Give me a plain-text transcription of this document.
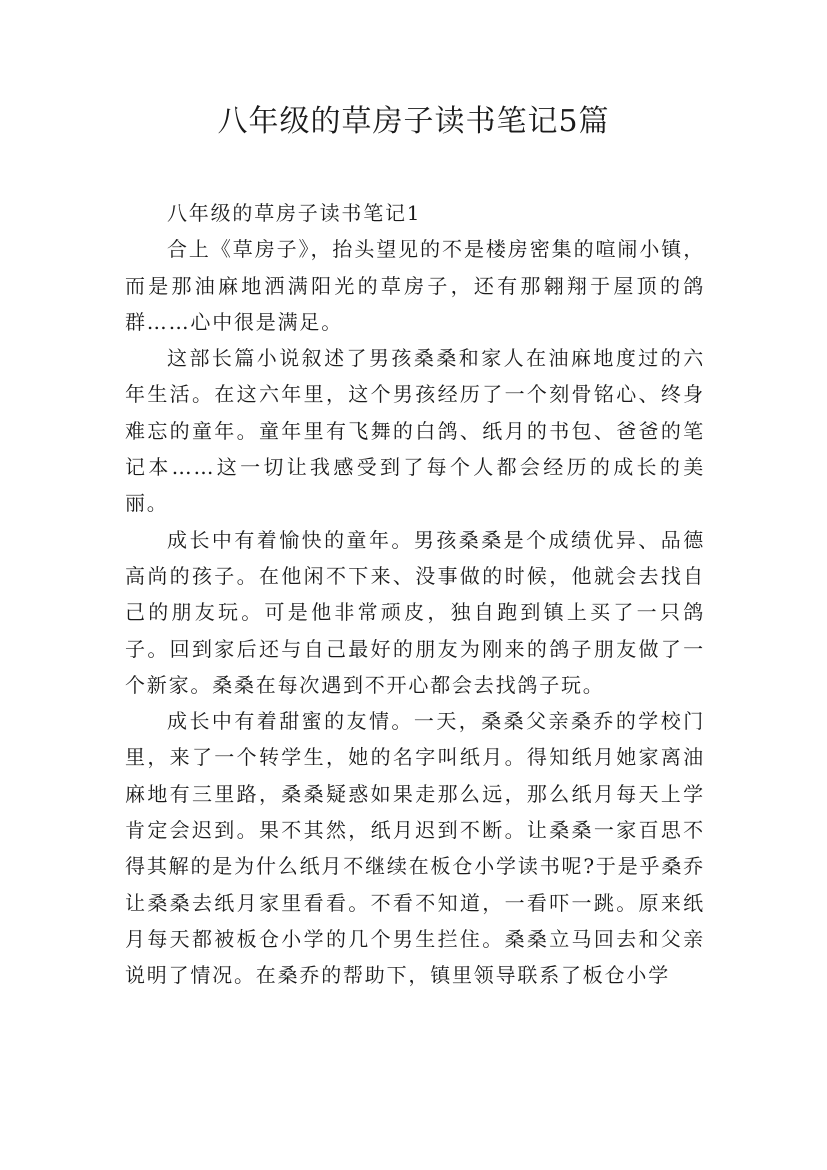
八年级的草房子读书笔记5篇

八年级的草房子读书笔记1

合上《草房子》，抬头望见的不是楼房密集的喧闹小镇，而是那油麻地洒满阳光的草房子，还有那翱翔于屋顶的鸽群……心中很是满足。

这部长篇小说叙述了男孩桑桑和家人在油麻地度过的六年生活。在这六年里，这个男孩经历了一个刻骨铭心、终身难忘的童年。童年里有飞舞的白鸽、纸月的书包、爸爸的笔记本……这一切让我感受到了每个人都会经历的成长的美丽。

成长中有着愉快的童年。男孩桑桑是个成绩优异、品德高尚的孩子。在他闲不下来、没事做的时候，他就会去找自己的朋友玩。可是他非常顽皮，独自跑到镇上买了一只鸽子。回到家后还与自己最好的朋友为刚来的鸽子朋友做了一个新家。桑桑在每次遇到不开心都会去找鸽子玩。

成长中有着甜蜜的友情。一天，桑桑父亲桑乔的学校门里，来了一个转学生，她的名字叫纸月。得知纸月她家离油麻地有三里路，桑桑疑惑如果走那么远，那么纸月每天上学肯定会迟到。果不其然，纸月迟到不断。让桑桑一家百思不得其解的是为什么纸月不继续在板仓小学读书呢?于是乎桑乔让桑桑去纸月家里看看。不看不知道，一看吓一跳。原来纸月每天都被板仓小学的几个男生拦住。桑桑立马回去和父亲说明了情况。在桑乔的帮助下，镇里领导联系了板仓小学
